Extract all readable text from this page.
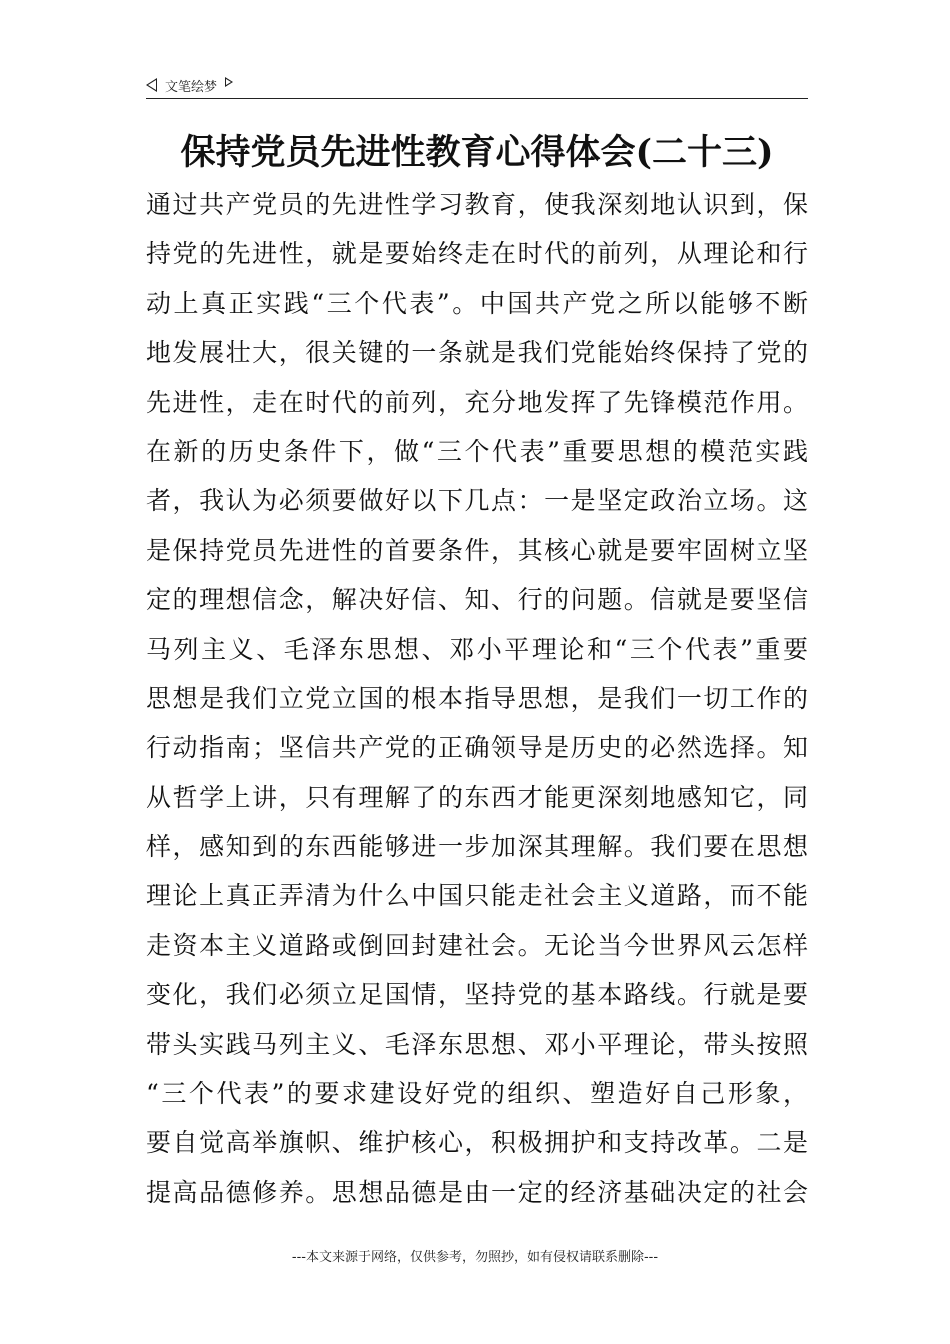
文笔绘梦
保持党员先进性教育心得体会(二十三)
通过共产党员的先进性学习教育，使我深刻地认识到，保
持党的先进性，就是要始终走在时代的前列，从理论和行
动上真正实践“三个代表”。中国共产党之所以能够不断
地发展壮大，很关键的一条就是我们党能始终保持了党的
先进性，走在时代的前列，充分地发挥了先锋模范作用。
在新的历史条件下，做“三个代表”重要思想的模范实践
者，我认为必须要做好以下几点：一是坚定政治立场。这
是保持党员先进性的首要条件，其核心就是要牢固树立坚
定的理想信念，解决好信、知、行的问题。信就是要坚信
马列主义、毛泽东思想、邓小平理论和“三个代表”重要
思想是我们立党立国的根本指导思想，是我们一切工作的
行动指南；坚信共产党的正确领导是历史的必然选择。知
从哲学上讲，只有理解了的东西才能更深刻地感知它，同
样，感知到的东西能够进一步加深其理解。我们要在思想
理论上真正弄清为什么中国只能走社会主义道路，而不能
走资本主义道路或倒回封建社会。无论当今世界风云怎样
变化，我们必须立足国情，坚持党的基本路线。行就是要
带头实践马列主义、毛泽东思想、邓小平理论，带头按照
“三个代表”的要求建设好党的组织、塑造好自己形象，
要自觉高举旗帜、维护核心，积极拥护和支持改革。二是
提高品德修养。思想品德是由一定的经济基础决定的社会
---本文来源于网络，仅供参考，勿照抄，如有侵权请联系删除---
